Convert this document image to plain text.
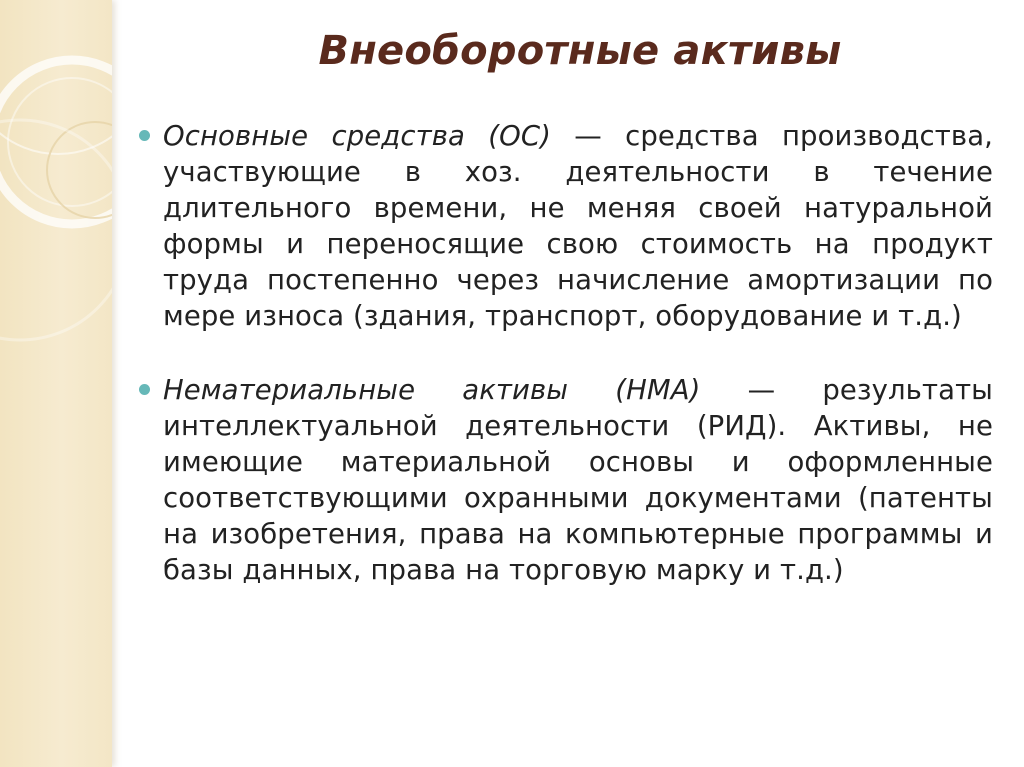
Внеоборотные активы

Основные средства (ОС) — средства производства, участвующие в хоз. деятельности в течение длительного времени, не меняя своей натуральной формы и переносящие свою стоимость на продукт труда постепенно через начисление амортизации по мере износа (здания, транспорт, оборудование и т.д.)

Нематериальные активы (НМА) — результаты интеллектуальной деятельности (РИД). Активы, не имеющие материальной основы и оформленные соответствующими охранными документами (патенты на изобретения, права на компьютерные программы и базы данных, права на торговую марку и т.д.)
